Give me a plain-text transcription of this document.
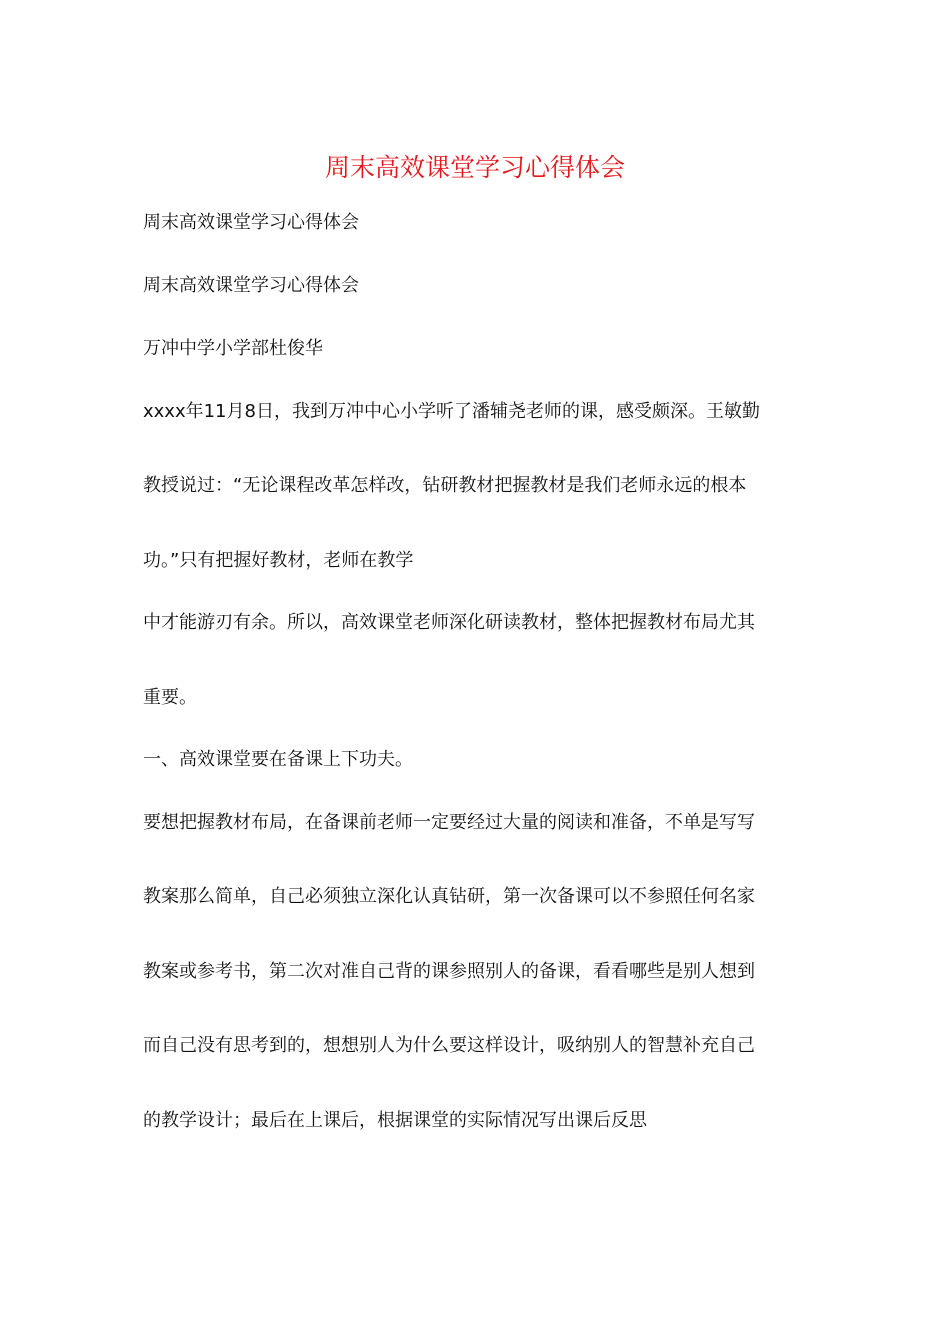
周末高效课堂学习心得体会

周末高效课堂学习心得体会

周末高效课堂学习心得体会

万冲中学小学部杜俊华

xxxx年11月8日，我到万冲中心小学听了潘辅尧老师的课，感受颇深。王敏勤

教授说过：“无论课程改革怎样改，钻研教材把握教材是我们老师永远的根本

功。”只有把握好教材，老师在教学

中才能游刃有余。所以，高效课堂老师深化研读教材，整体把握教材布局尤其

重要。

一、高效课堂要在备课上下功夫。

要想把握教材布局，在备课前老师一定要经过大量的阅读和准备，不单是写写

教案那么简单，自己必须独立深化认真钻研，第一次备课可以不参照任何名家

教案或参考书，第二次对准自己背的课参照别人的备课，看看哪些是别人想到

而自己没有思考到的，想想别人为什么要这样设计，吸纳别人的智慧补充自己

的教学设计；最后在上课后，根据课堂的实际情况写出课后反思
